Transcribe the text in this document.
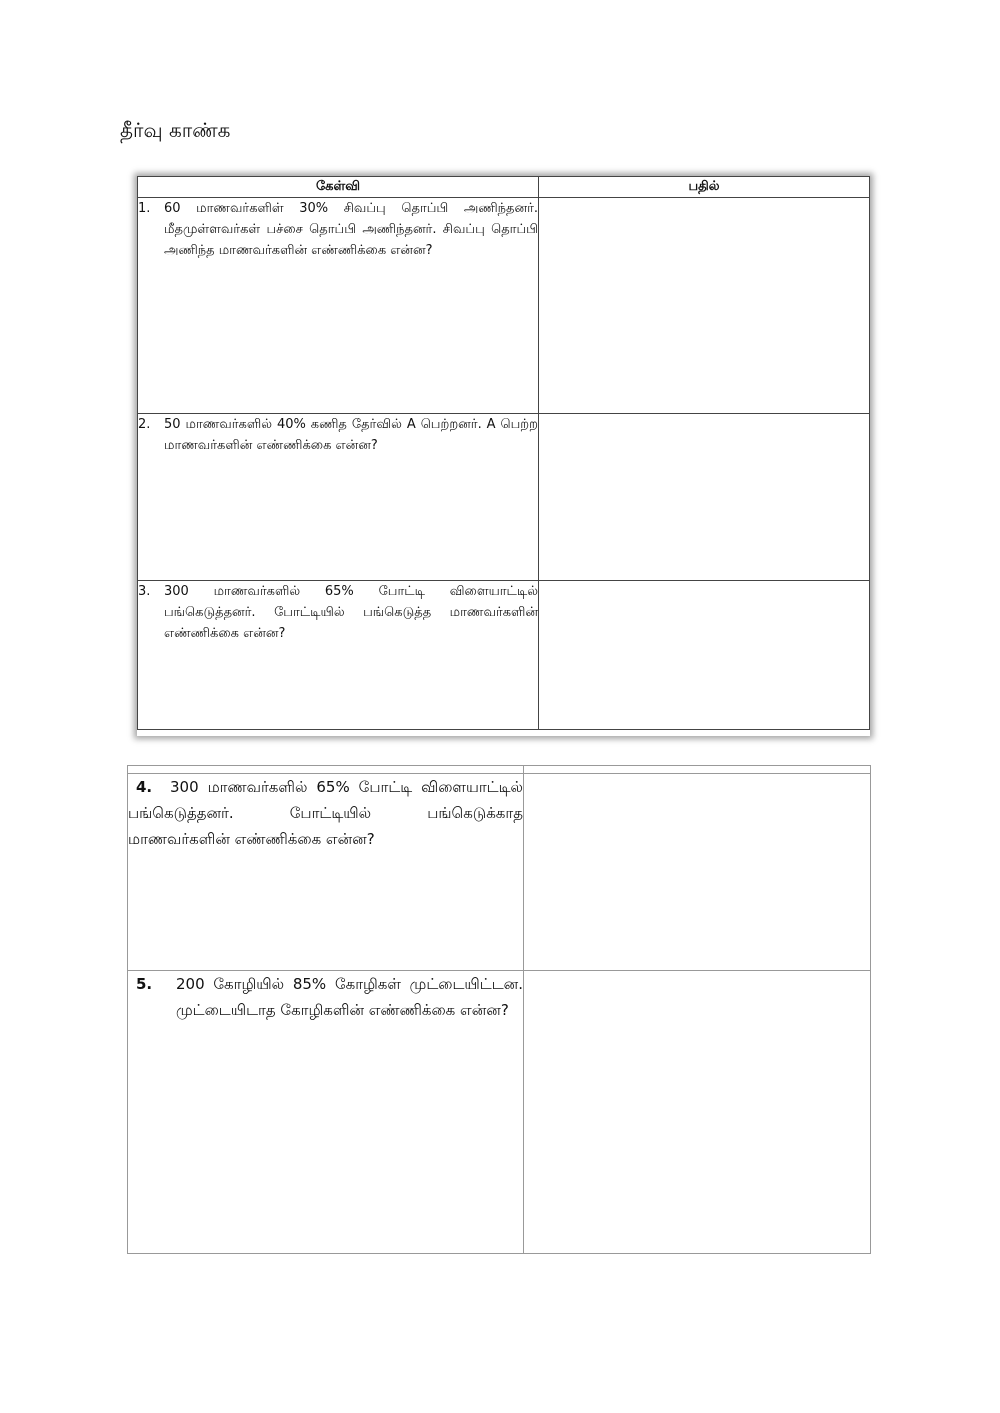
தீர்வு காண்க
கேள்வி	பதில்

1. 60 மாணவர்களிள் 30% சிவப்பு தொப்பி அணிந்தனர். மீதமுள்ளவர்கள் பச்சை தொப்பி அணிந்தனர். சிவப்பு தொப்பி அணிந்த மாணவர்களின் எண்ணிக்கை என்ன?	

2. 50 மாணவர்களில் 40% கணித தேர்வில் A பெற்றனர். A பெற்ற மாணவர்களின் எண்ணிக்கை என்ன?	

3. 300 மாணவர்களில் 65% போட்டி விளையாட்டில் பங்கெடுத்தனர். போட்டியில் பங்கெடுத்த மாணவர்களின் எண்ணிக்கை என்ன?	

4. 300 மாணவர்களில் 65% போட்டி விளையாட்டில் பங்கெடுத்தனர். போட்டியில் பங்கெடுக்காத மாணவர்களின் எண்ணிக்கை என்ன?	

5. 200 கோழியில் 85% கோழிகள் முட்டையிட்டன. முட்டையிடாத கோழிகளின் எண்ணிக்கை என்ன?	
